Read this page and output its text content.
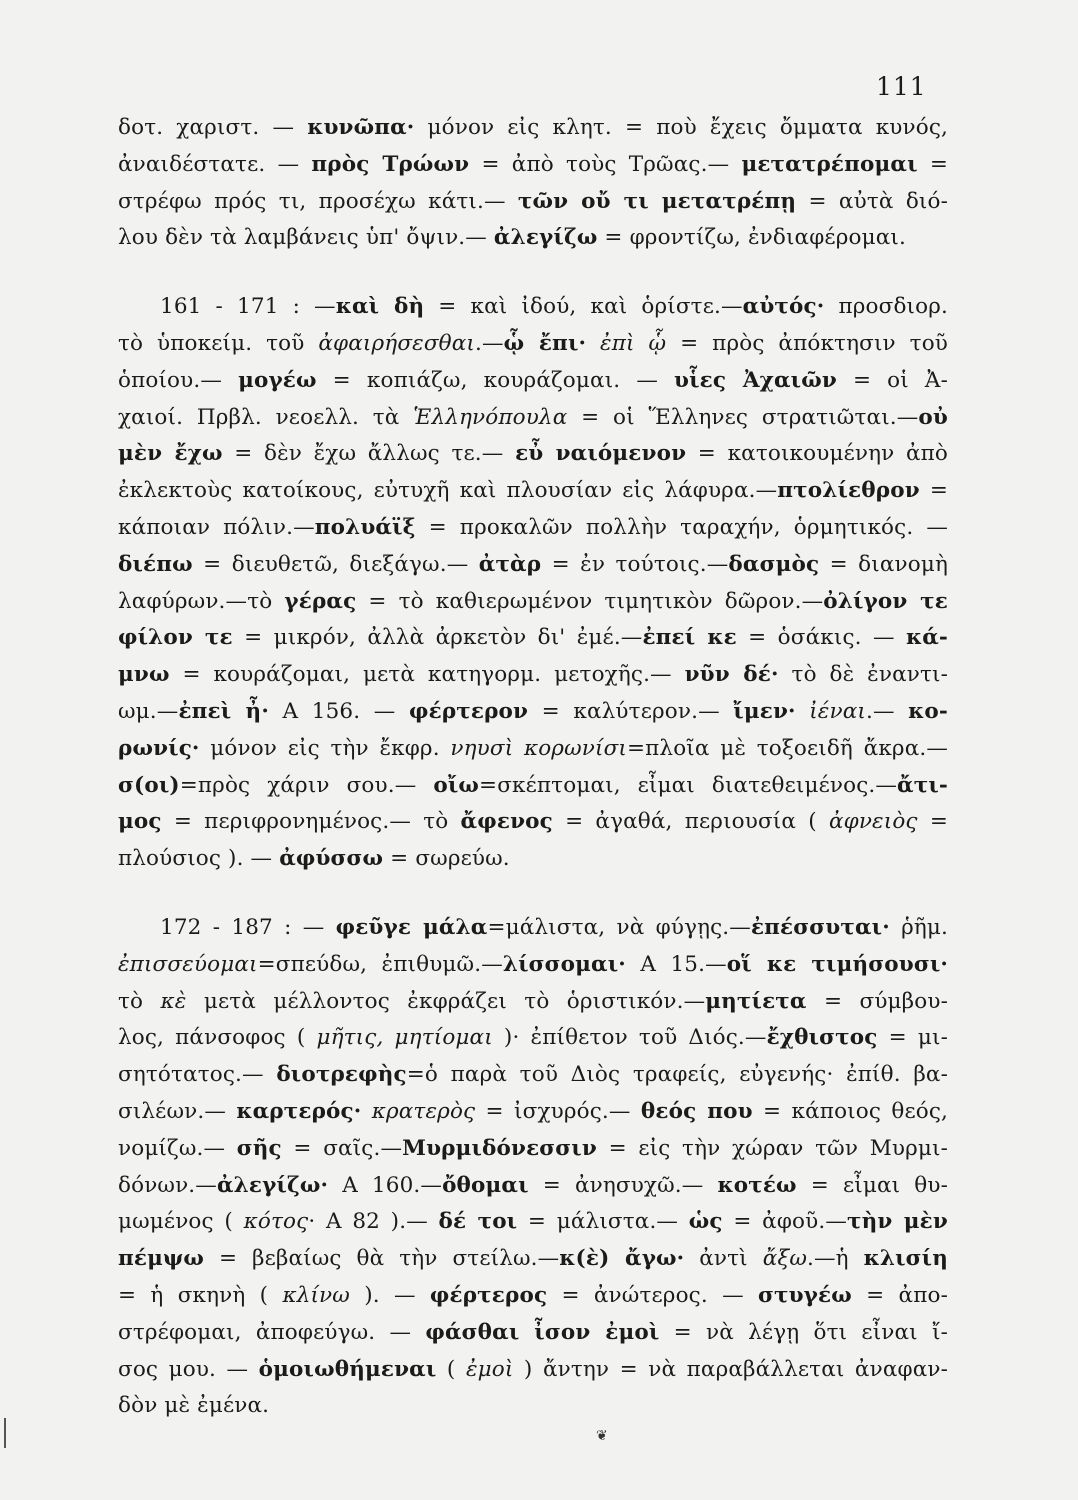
111

δοτ. χαριστ. — κυνῶπα· μόνον εἰς κλητ. = ποὺ ἔχεις ὄμματα κυνός,

ἀναιδέστατε. — πρὸς Τρώων = ἀπὸ τοὺς Τρῶας.— μετατρέπομαι =

στρέφω πρός τι, προσέχω κάτι.— τῶν οὔ τι μετατρέπῃ = αὐτὰ διό-

λου δὲν τὰ λαμβάνεις ὑπ' ὄψιν.— ἀλεγίζω = φροντίζω, ἐνδιαφέρομαι.

161 - 171 : —καὶ δὴ = καὶ ἰδού, καὶ ὁρίστε.—αὐτός· προσδιορ.

τὸ ὑποκείμ. τοῦ ἀφαιρήσεσθαι.—ᾧ ἔπι· ἐπὶ ᾧ = πρὸς ἀπόκτησιν τοῦ

ὁποίου.— μογέω = κοπιάζω, κουράζομαι. — υἷες Ἀχαιῶν = οἱ Ἀ-

χαιοί. Πρβλ. νεοελλ. τὰ Ἑλληνόπουλα = οἱ Ἕλληνες στρατιῶται.—οὐ

μὲν ἔχω = δὲν ἔχω ἄλλως τε.— εὖ ναιόμενον = κατοικουμένην ἀπὸ

ἐκλεκτοὺς κατοίκους, εὐτυχῆ καὶ πλουσίαν εἰς λάφυρα.—πτολίεθρον =

κάποιαν πόλιν.—πολυάϊξ = προκαλῶν πολλὴν ταραχήν, ὁρμητικός. —

διέπω = διευθετῶ, διεξάγω.— ἀτὰρ = ἐν τούτοις.—δασμὸς = διανομὴ

λαφύρων.—τὸ γέρας = τὸ καθιερωμένον τιμητικὸν δῶρον.—ὀλίγον τε

φίλον τε = μικρόν, ἀλλὰ ἀρκετὸν δι' ἐμέ.—ἐπεί κε = ὁσάκις. — κά-

μνω = κουράζομαι, μετὰ κατηγορμ. μετοχῆς.— νῦν δέ· τὸ δὲ ἐναντι-

ωμ.—ἐπεὶ ἦ· Α 156. — φέρτερον = καλύτερον.— ἴμεν· ἰέναι.— κο-

ρωνίς· μόνον εἰς τὴν ἔκφρ. νηυσὶ κορωνίσι=πλοῖα μὲ τοξοειδῆ ἄκρα.—

σ(οι)=πρὸς χάριν σου.— οἴω=σκέπτομαι, εἶμαι διατεθειμένος.—ἄτι-

μος = περιφρονημένος.— τὸ ἄφενος = ἀγαθά, περιουσία ( ἀφνειὸς =

πλούσιος ). — ἀφύσσω = σωρεύω.

172 - 187 : — φεῦγε μάλα=μάλιστα, νὰ φύγῃς.—ἐπέσσυται· ῥῆμ.

ἐπισσεύομαι=σπεύδω, ἐπιθυμῶ.—λίσσομαι· Α 15.—οἵ κε τιμήσουσι·

τὸ κὲ μετὰ μέλλοντος ἐκφράζει τὸ ὁριστικόν.—μητίετα = σύμβου-

λος, πάνσοφος ( μῆτις, μητίομαι )· ἐπίθετον τοῦ Διός.—ἔχθιστος = μι-

σητότατος.— διοτρεφὴς=ὁ παρὰ τοῦ Διὸς τραφείς, εὐγενής· ἐπίθ. βα-

σιλέων.— καρτερός· κρατερὸς = ἰσχυρός.— θεός που = κάποιος θεός,

νομίζω.— σῆς = σαῖς.—Μυρμιδόνεσσιν = εἰς τὴν χώραν τῶν Μυρμι-

δόνων.—ἀλεγίζω· Α 160.—ὄθομαι = ἀνησυχῶ.— κοτέω = εἶμαι θυ-

μωμένος ( κότος· Α 82 ).— δέ τοι = μάλιστα.— ὡς = ἀφοῦ.—τὴν μὲν

πέμψω = βεβαίως θὰ τὴν στείλω.—κ(ὲ) ἄγω· ἀντὶ ἄξω.—ἡ κλισίη

= ἡ σκηνὴ ( κλίνω ). — φέρτερος = ἀνώτερος. — στυγέω = ἀπο-

στρέφομαι, ἀποφεύγω. — φάσθαι ἶσον ἐμοὶ = νὰ λέγῃ ὅτι εἶναι ἴ-

σος μου. — ὁμοιωθήμεναι ( ἐμοὶ ) ἄντην = νὰ παραβάλλεται ἀναφαν-

δὸν μὲ ἐμένα.

❦
